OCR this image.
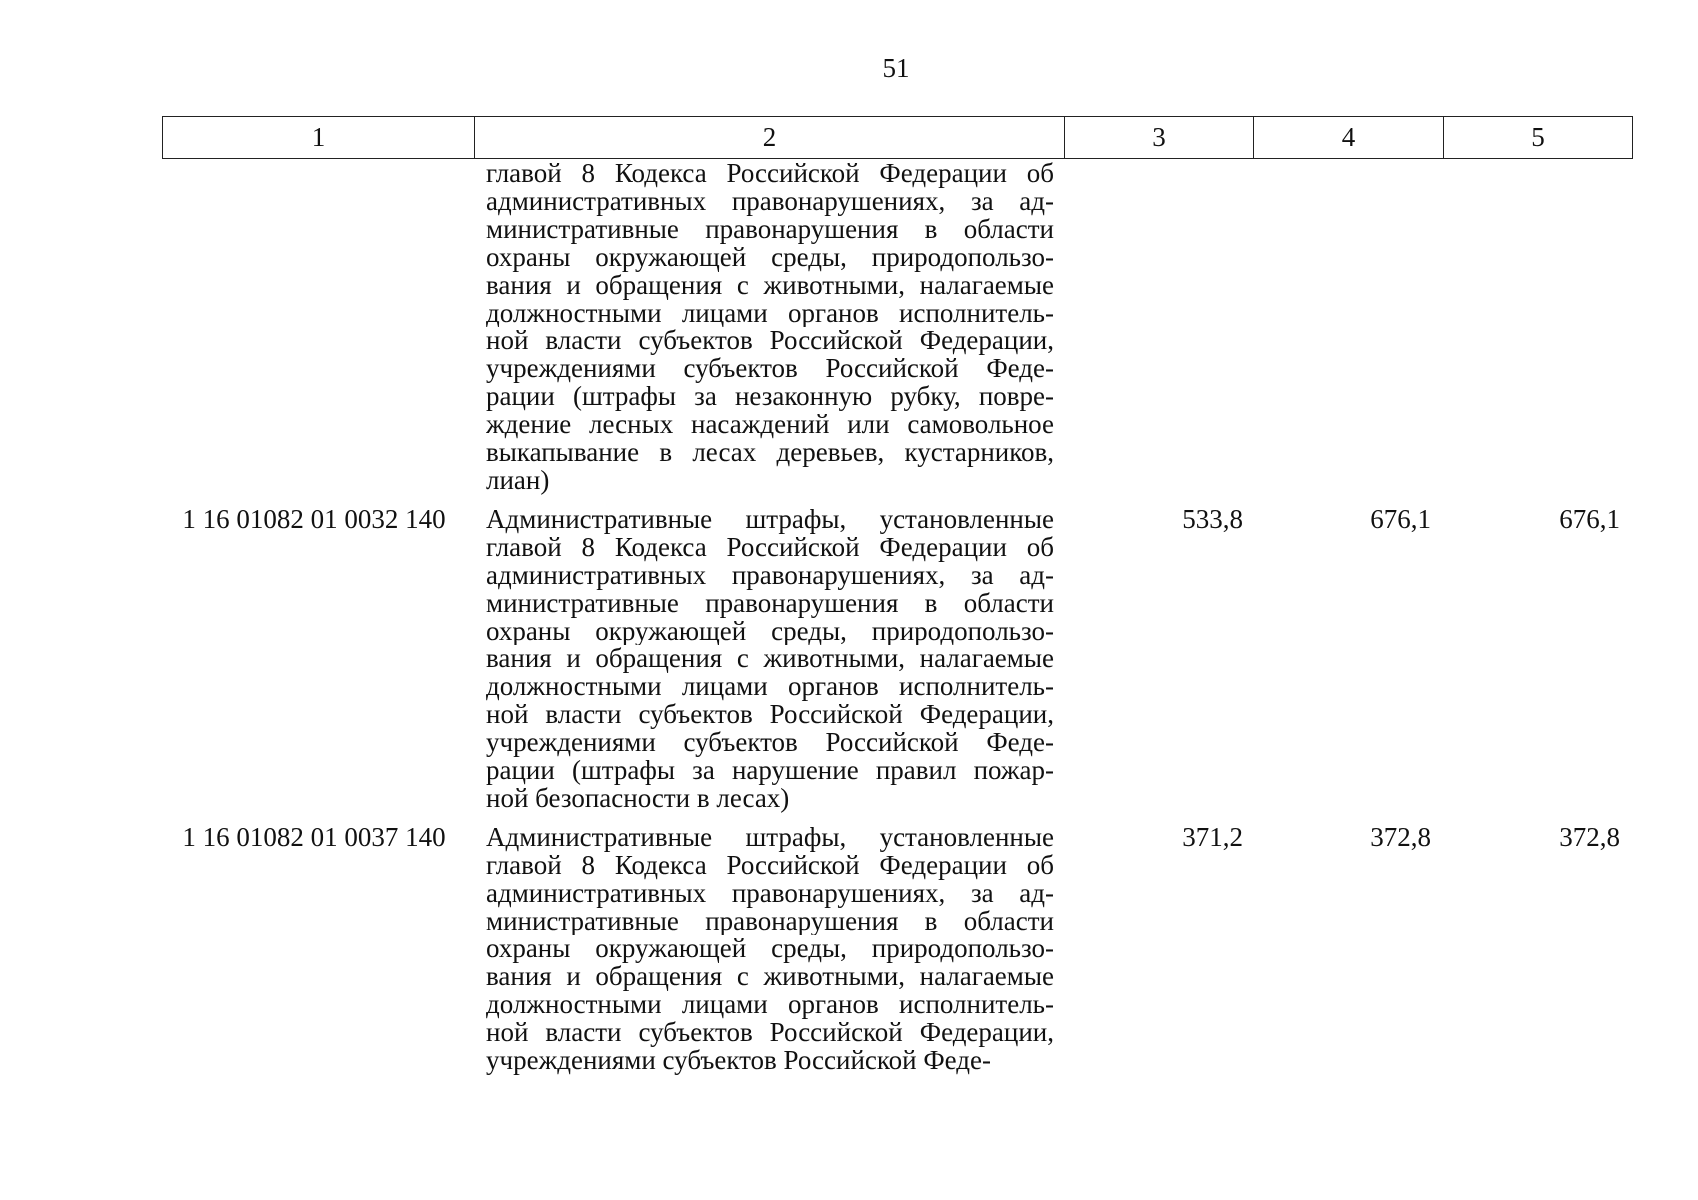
51
1	2	3	4	5
главой 8 Кодекса Российской Федерации об
административных правонарушениях, за ад-
министративные правонарушения в области
охраны окружающей среды, природопользо-
вания и обращения с животными, налагаемые
должностными лицами органов исполнитель-
ной власти субъектов Российской Федерации,
учреждениями субъектов Российской Феде-
рации (штрафы за незаконную рубку, повре-
ждение лесных насаждений или самовольное
выкапывание в лесах деревьев, кустарников,
лиан)
1 16 01082 01 0032 140	Административные штрафы, установленные
главой 8 Кодекса Российской Федерации об
административных правонарушениях, за ад-
министративные правонарушения в области
охраны окружающей среды, природопользо-
вания и обращения с животными, налагаемые
должностными лицами органов исполнитель-
ной власти субъектов Российской Федерации,
учреждениями субъектов Российской Феде-
рации (штрафы за нарушение правил пожар-
ной безопасности в лесах)
533,8	676,1	676,1
1 16 01082 01 0037 140	Административные штрафы, установленные
главой 8 Кодекса Российской Федерации об
административных правонарушениях, за ад-
министративные правонарушения в области
охраны окружающей среды, природопользо-
вания и обращения с животными, налагаемые
должностными лицами органов исполнитель-
ной власти субъектов Российской Федерации,
учреждениями субъектов Российской Феде-
371,2	372,8	372,8
